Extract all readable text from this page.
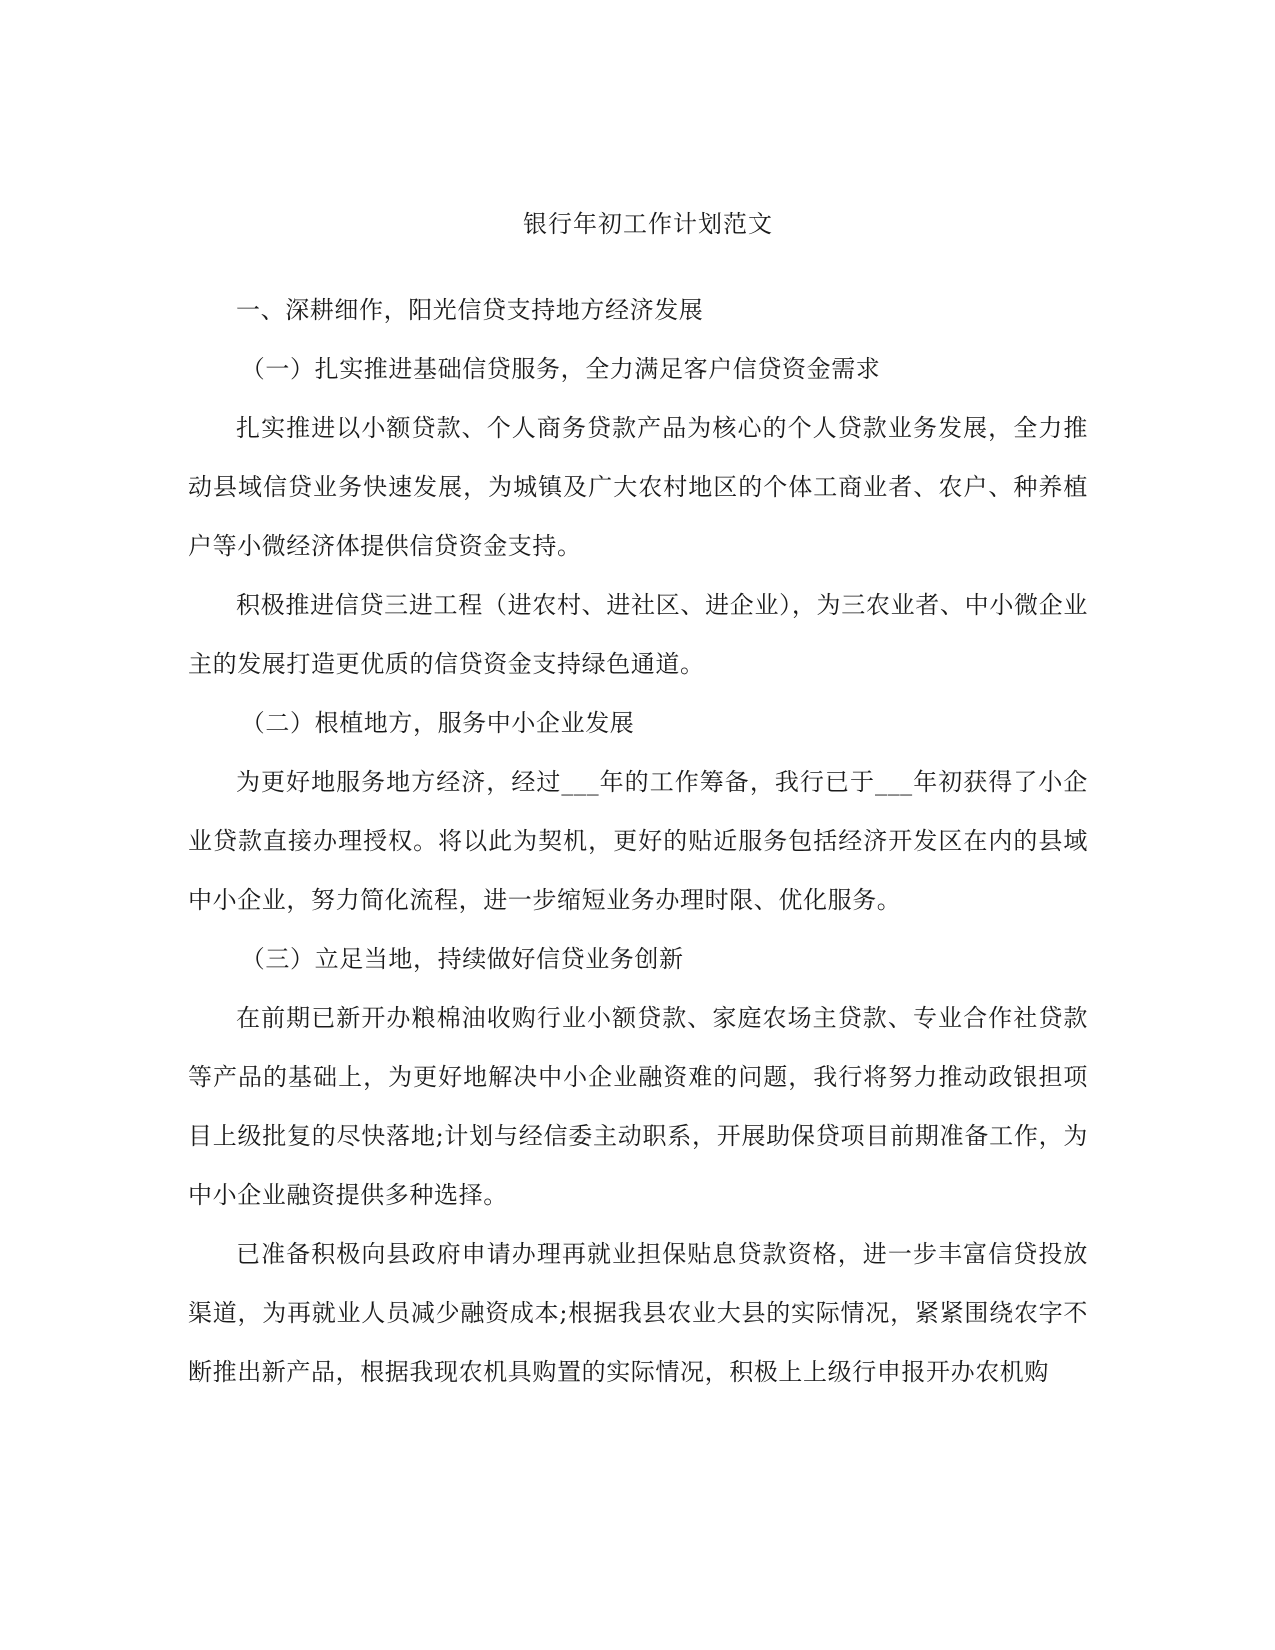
银行年初工作计划范文

一、深耕细作，阳光信贷支持地方经济发展

（一）扎实推进基础信贷服务，全力满足客户信贷资金需求

扎实推进以小额贷款、个人商务贷款产品为核心的个人贷款业务发展，全力推动县域信贷业务快速发展，为城镇及广大农村地区的个体工商业者、农户、种养植户等小微经济体提供信贷资金支持。

积极推进信贷三进工程（进农村、进社区、进企业），为三农业者、中小微企业主的发展打造更优质的信贷资金支持绿色通道。

（二）根植地方，服务中小企业发展

为更好地服务地方经济，经过___年的工作筹备，我行已于___年初获得了小企业贷款直接办理授权。将以此为契机，更好的贴近服务包括经济开发区在内的县域中小企业，努力简化流程，进一步缩短业务办理时限、优化服务。

（三）立足当地，持续做好信贷业务创新

在前期已新开办粮棉油收购行业小额贷款、家庭农场主贷款、专业合作社贷款等产品的基础上，为更好地解决中小企业融资难的问题，我行将努力推动政银担项目上级批复的尽快落地;计划与经信委主动职系，开展助保贷项目前期准备工作，为中小企业融资提供多种选择。

已准备积极向县政府申请办理再就业担保贴息贷款资格，进一步丰富信贷投放渠道，为再就业人员减少融资成本;根据我县农业大县的实际情况，紧紧围绕农字不断推出新产品，根据我现农机具购置的实际情况，积极上上级行申报开办农机购
